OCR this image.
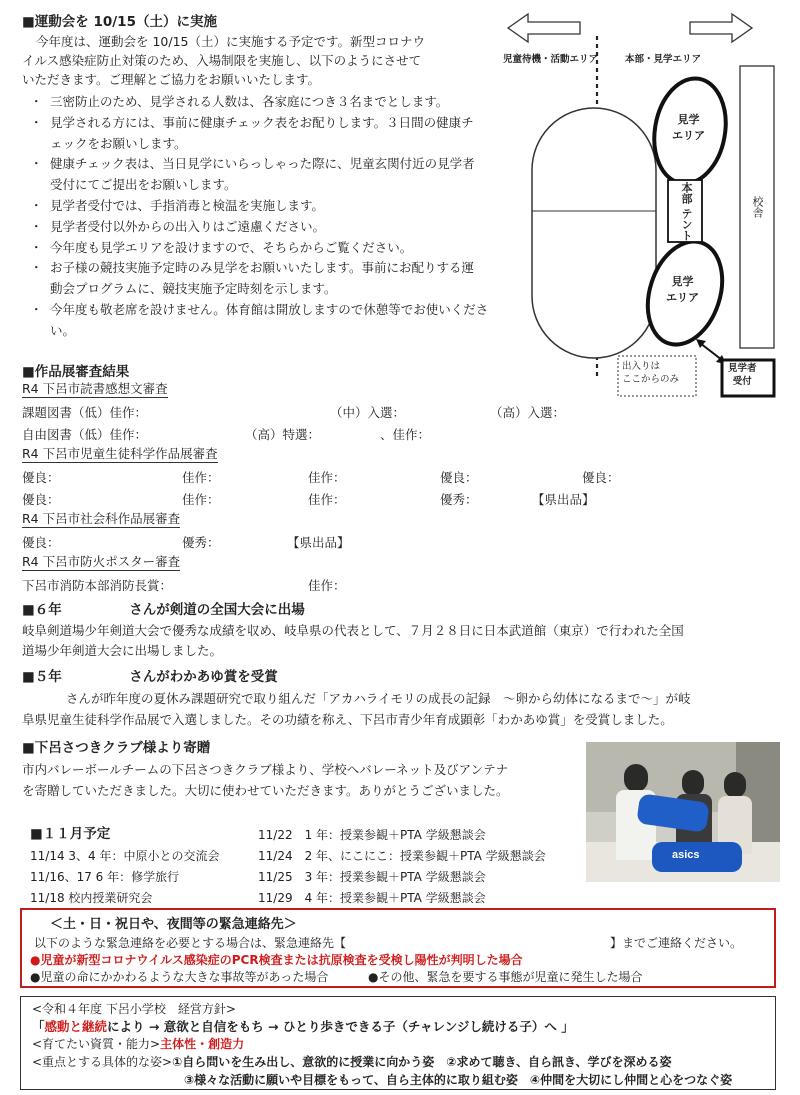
■運動会を 10/15（土）に実施
今年度は、運動会を 10/15（土）に実施する予定です。新型コロナウ
イルス感染症防止対策のため、入場制限を実施し、以下のようにさせて
いただきます。ご理解とご協力をお願いいたします。
・ 三密防止のため、見学される人数は、各家庭につき３名までとします。
・ 見学される方には、事前に健康チェック表をお配りします。３日間の健康チ
ェックをお願いします。
・ 健康チェック表は、当日見学にいらっしゃった際に、児童玄関付近の見学者
受付にてご提出をお願いします。
・ 見学者受付では、手指消毒と検温を実施します。
・ 見学者受付以外からの出入りはご遠慮ください。
・ 今年度も見学エリアを設けますので、そちらからご覧ください。
・ お子様の競技実施予定時のみ見学をお願いいたします。事前にお配りする運
動会プログラムに、競技実施予定時刻を示します。
・ 今年度も敬老席を設けません。体育館は開放しますので休憩等でお使いくださ
い。
児童待機・活動エリア	本部・見学エリア
見学
エリア
見学
エリア
本部 テント	校舎
出入りは
ここからのみ
見学者
受付
■作品展審査結果
R4 下呂市読書感想文審査
課題図書（低）佳作：	（中）入選：	（高）入選：
自由図書（低）佳作：	（高）特選：	、佳作：
R4 下呂市児童生徒科学作品展審査
優良：	佳作：	佳作：	優良：	優良：
優良：	佳作：	佳作：	優秀：	【県出品】
R4 下呂市社会科作品展審査
優良：	優秀：	【県出品】
R4 下呂市防火ポスター審査
下呂市消防本部消防長賞：	佳作：
■６年　　　　　さんが剣道の全国大会に出場
岐阜剣道場少年剣道大会で優秀な成績を収め、岐阜県の代表として、７月２８日に日本武道館（東京）で行われた全国
道場少年剣道大会に出場しました。
■５年　　　　　さんがわかあゆ賞を受賞
さんが昨年度の夏休み課題研究で取り組んだ「アカハライモリの成長の記録　～卵から幼体になるまで～」が岐
阜県児童生徒科学作品展で入選しました。その功績を称え、下呂市青少年育成顕彰「わかあゆ賞」を受賞しました。
■下呂さつきクラブ様より寄贈
市内バレーボールチームの下呂さつきクラブ様より、学校へバレーネット及びアンテナ
を寄贈していただきました。大切に使わせていただきます。ありがとうございました。
asics
■１１月予定
11/14 3、4 年：中原小との交流会
11/16、17 6 年：修学旅行
11/18 校内授業研究会
11/22　1 年：授業参観＋PTA 学級懇談会
11/24　2 年、にこにこ：授業参観＋PTA 学級懇談会
11/25　3 年：授業参観＋PTA 学級懇談会
11/29　4 年：授業参観＋PTA 学級懇談会
＜土・日・祝日や、夜間等の緊急連絡先＞
以下のような緊急連絡を必要とする場合は、緊急連絡先【	】までご連絡ください。
●児童が新型コロナウイルス感染症のPCR検査または抗原検査を受検し陽性が判明した場合
●児童の命にかかわるような大きな事故等があった場合	●その他、緊急を要する事態が児童に発生した場合
<令和４年度 下呂小学校　経営方針>
「感動と継続により → 意欲と自信をもち → ひとり歩きできる子（チャレンジし続ける子）へ 」
<育てたい資質・能力>主体性・創造力
<重点とする具体的な姿>①自ら問いを生み出し、意欲的に授業に向かう姿　②求めて聴き、自ら訊き、学びを深める姿
③様々な活動に願いや目標をもって、自ら主体的に取り組む姿　④仲間を大切にし仲間と心をつなぐ姿
